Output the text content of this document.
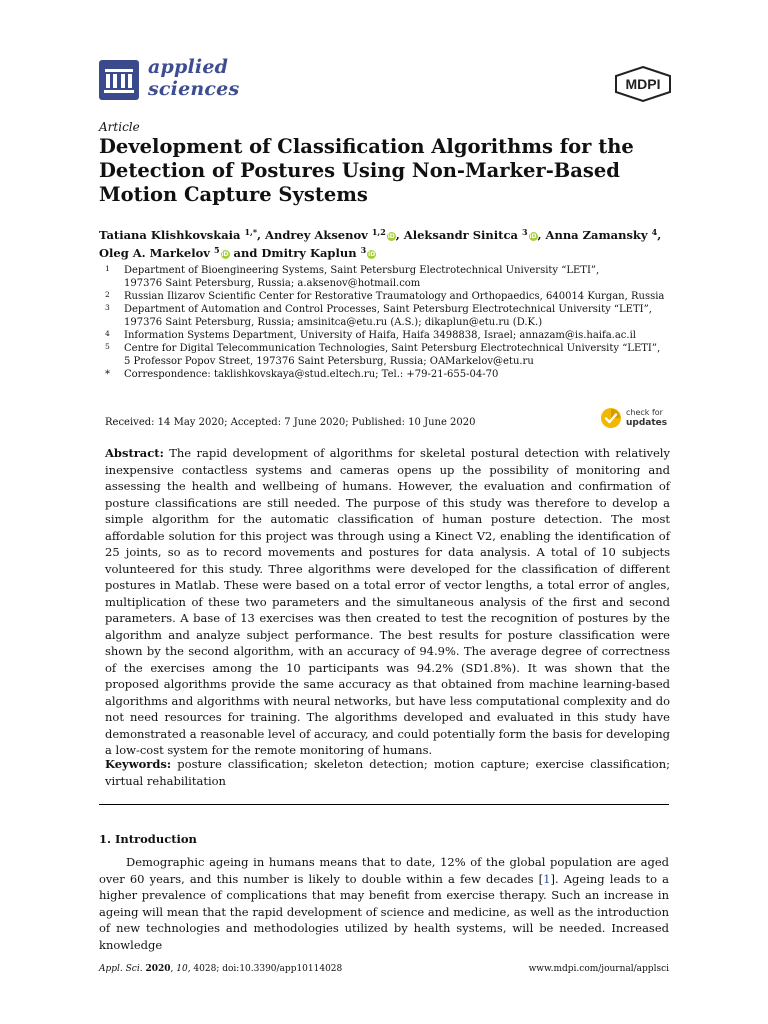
applied
sciences	MDPI
Article
Development of Classification Algorithms for the Detection of Postures Using Non-Marker-Based Motion Capture Systems
Tatiana Klishkovskaia $^{1,*}$, Andrey Aksenov $^{1,2}$ iD, Aleksandr Sinitca $^3$ iD, Anna Zamansky $^4$,
Oleg A. Markelov $^5$ iD and Dmitry Kaplun $^3$ iD
1 Department of Bioengineering Systems, Saint Petersburg Electrotechnical University “LETI”,
197376 Saint Petersburg, Russia; a.aksenov@hotmail.com
2 Russian Ilizarov Scientific Center for Restorative Traumatology and Orthopaedics, 640014 Kurgan, Russia
3 Department of Automation and Control Processes, Saint Petersburg Electrotechnical University “LETI”,
197376 Saint Petersburg, Russia; amsinitca@etu.ru (A.S.); dikaplun@etu.ru (D.K.)
4 Information Systems Department, University of Haifa, Haifa 3498838, Israel; annazam@is.haifa.ac.il
5 Centre for Digital Telecommunication Technologies, Saint Petersburg Electrotechnical University “LETI”,
5 Professor Popov Street, 197376 Saint Petersburg, Russia; OAMarkelov@etu.ru
* Correspondence: taklishkovskaya@stud.eltech.ru; Tel.: +79-21-655-04-70
Received: 14 May 2020; Accepted: 7 June 2020; Published: 10 June 2020
check for
updates
Abstract: The rapid development of algorithms for skeletal postural detection with relatively inexpensive contactless systems and cameras opens up the possibility of monitoring and assessing the health and wellbeing of humans. However, the evaluation and confirmation of posture classifications are still needed. The purpose of this study was therefore to develop a simple algorithm for the automatic classification of human posture detection. The most affordable solution for this project was through using a Kinect V2, enabling the identification of 25 joints, so as to record movements and postures for data analysis. A total of 10 subjects volunteered for this study. Three algorithms were developed for the classification of different postures in Matlab. These were based on a total error of vector lengths, a total error of angles, multiplication of these two parameters and the simultaneous analysis of the first and second parameters. A base of 13 exercises was then created to test the recognition of postures by the algorithm and analyze subject performance. The best results for posture classification were shown by the second algorithm, with an accuracy of 94.9%. The average degree of correctness of the exercises among the 10 participants was 94.2% (SD1.8%). It was shown that the proposed algorithms provide the same accuracy as that obtained from machine learning-based algorithms and algorithms with neural networks, but have less computational complexity and do not need resources for training. The algorithms developed and evaluated in this study have demonstrated a reasonable level of accuracy, and could potentially form the basis for developing a low-cost system for the remote monitoring of humans.
Keywords: posture classification; skeleton detection; motion capture; exercise classification; virtual rehabilitation
1. Introduction
Demographic ageing in humans means that to date, 12% of the global population are aged over 60 years, and this number is likely to double within a few decades [1]. Ageing leads to a higher prevalence of complications that may benefit from exercise therapy. Such an increase in ageing will mean that the rapid development of science and medicine, as well as the introduction of new technologies and methodologies utilized by health systems, will be needed. Increased knowledge
Appl. Sci. 2020, 10, 4028; doi:10.3390/app10114028	www.mdpi.com/journal/applsci
